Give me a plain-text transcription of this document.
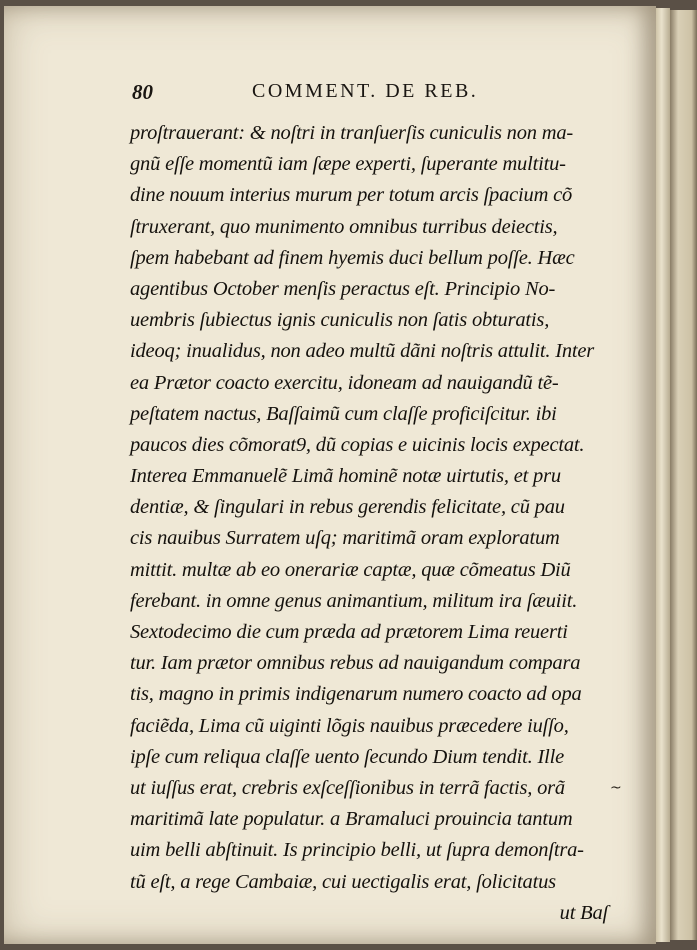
80	COMMENT. DE REB.
proſtrauerant: & noſtri in tranſuerſis cuniculis non ma-
gnũ eſſe momentũ iam ſæpe experti, ſuperante multitu-
dine nouum interius murum per totum arcis ſpacium cõ
ſtruxerant, quo munimento omnibus turribus deiectis,
ſpem habebant ad finem hyemis duci bellum poſſe. Hæc
agentibus October menſis peractus eſt. Principio No-
uembris ſubiectus ignis cuniculis non ſatis obturatis,
ideoq; inualidus, non adeo multũ dãni noſtris attulit. Inter
ea Prætor coacto exercitu, idoneam ad nauigandũ tẽ-
peſtatem nactus, Baſſaimũ cum claſſe proficiſcitur. ibi
paucos dies cõmorat9, dũ copias e uicinis locis expectat.
Interea Emmanuelẽ Limã hominẽ notæ uirtutis, et pru
dentiæ, & ſingulari in rebus gerendis felicitate, cũ pau
cis nauibus Surratem uſq; maritimã oram exploratum
mittit. multæ ab eo onerariæ captæ, quæ cõmeatus Diũ
ferebant. in omne genus animantium, militum ira ſæuiit.
Sextodecimo die cum præda ad prætorem Lima reuerti
tur. Iam prætor omnibus rebus ad nauigandum compara
tis, magno in primis indigenarum numero coacto ad opa
faciẽda, Lima cũ uiginti lõgis nauibus præcedere iuſſo,
ipſe cum reliqua claſſe uento ſecundo Dium tendit. Ille
ut iuſſus erat, crebris exſceſſionibus in terrã factis, orã
maritimã late populatur. a Bramaluci prouincia tantum
uim belli abſtinuit. Is principio belli, ut ſupra demonſtra-
tũ eſt, a rege Cambaiæ, cui uectigalis erat, ſolicitatus
ut Baſ
~
